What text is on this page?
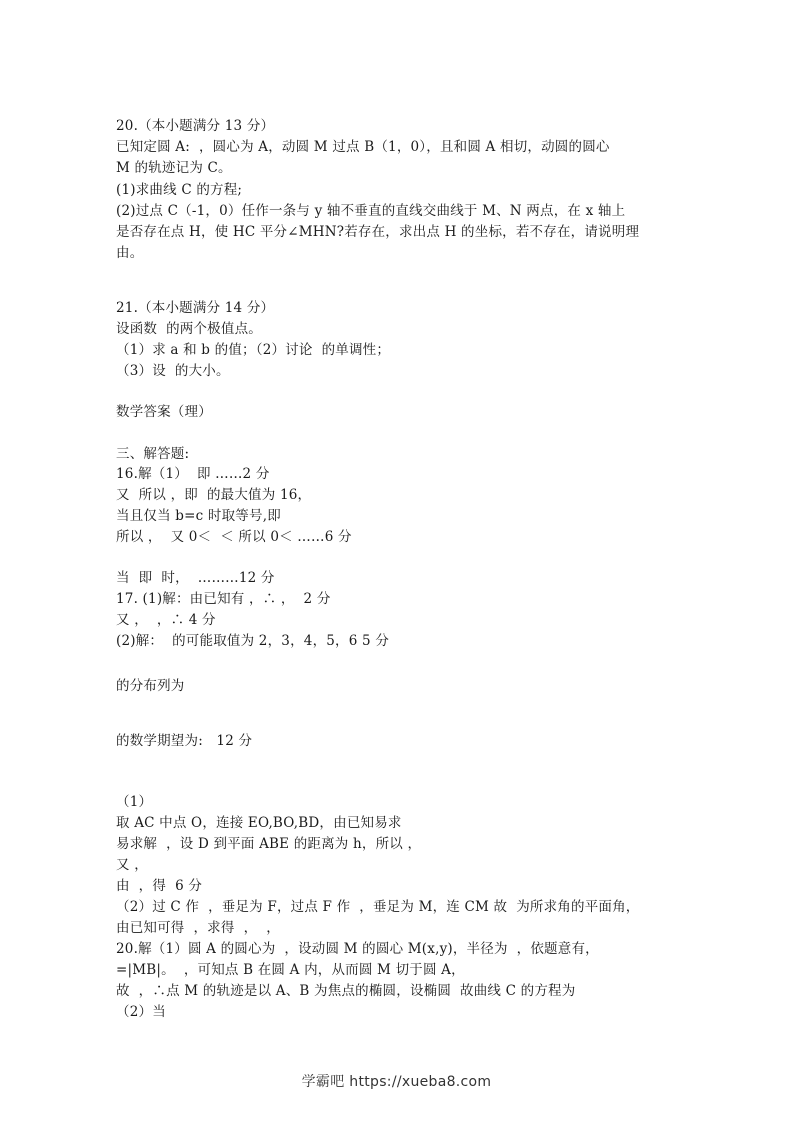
20.（本小题满分 13 分）
已知定圆 A:  ，圆心为 A，动圆 M 过点 B（1，0），且和圆 A 相切，动圆的圆心
M 的轨迹记为 C。
(1)求曲线 C 的方程;
(2)过点 C（-1，0）任作一条与 y 轴不垂直的直线交曲线于 M、N 两点，在 x 轴上
是否存在点 H，使 HC 平分∠MHN?若存在，求出点 H 的坐标，若不存在，请说明理
由。
21.（本小题满分 14 分）
设函数  的两个极值点。
（1）求 a 和 b 的值；（2）讨论  的单调性；
（3）设  的大小。
数学答案（理）
三、解答题:
16.解（1）  即 ……2 分
又  所以 ，即  的最大值为 16，
当且仅当 b=c 时取等号,即
所以 ，  又 0＜  ＜ 所以 0＜ ……6 分
当  即  时，  ………12 分
17. (1)解：由已知有 ，∴ ，  2 分
又 ，  ，∴ 4 分
(2)解：  的可能取值为 2，3，4，5，6 5 分
的分布列为
的数学期望为:   12 分
（1）
取 AC 中点 O，连接 EO,BO,BD，由已知易求
易求解  ，设 D 到平面 ABE 的距离为 h，所以 ，
又 ，
由  ，得  6 分
（2）过 C 作  ，垂足为 F，过点 F 作  ，垂足为 M，连 CM 故  为所求角的平面角，
由已知可得  ，求得  ，  ，
20.解（1）圆 A 的圆心为  ，设动圆 M 的圆心 M(x,y)，半径为  ，依题意有，
=|MB|。  ，可知点 B 在圆 A 内，从而圆 M 切于圆 A，
故  ，∴点 M 的轨迹是以 A、B 为焦点的椭圆，设椭圆  故曲线 C 的方程为
（2）当
学霸吧 https://xueba8.com
